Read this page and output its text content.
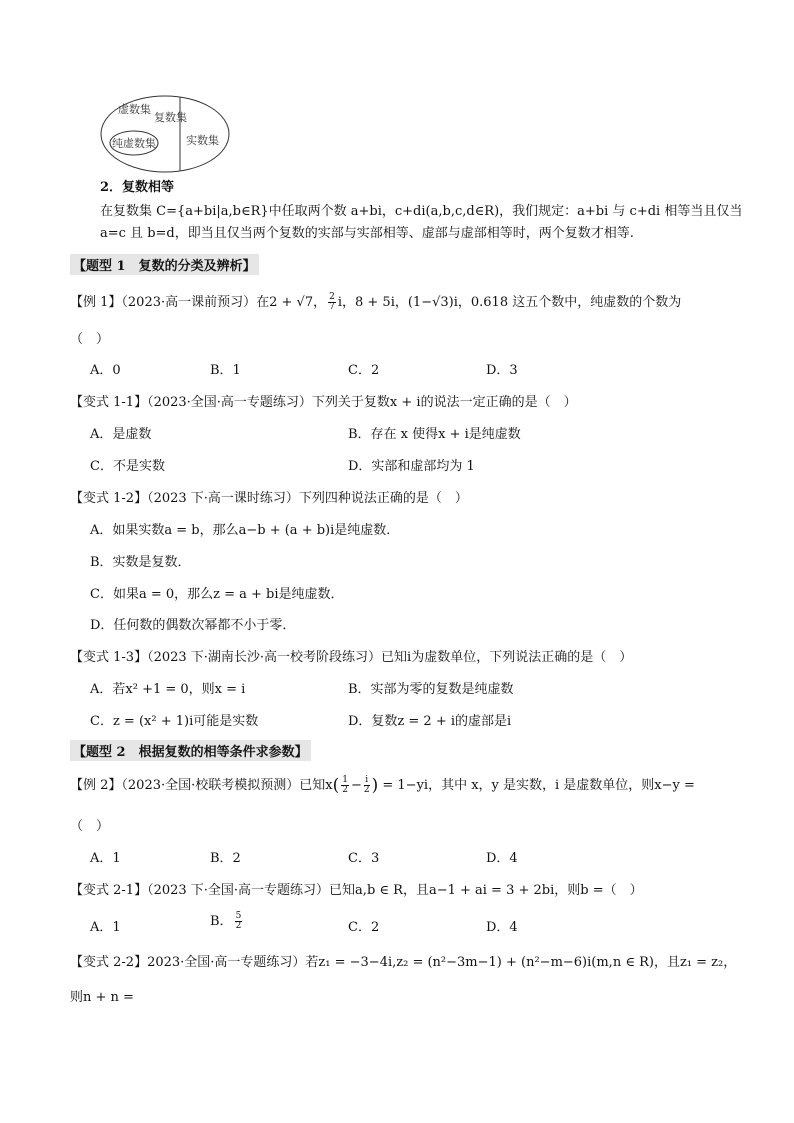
虚数集
复数集
纯虚数集	实数集
2．复数相等
在复数集 C={a+bi|a,b∈R}中任取两个数 a+bi，c+di(a,b,c,d∈R)，我们规定：a+bi 与 c+di 相等当且仅当
a=c 且 b=d，即当且仅当两个复数的实部与实部相等、虚部与虚部相等时，两个复数才相等.
【题型 1　复数的分类及辨析】
【例 1】（2023·高一课前预习）在2 + √7， $\frac{2}{7}$ i，8 + 5i，(1−√3)i，0.618 这五个数中，纯虚数的个数为
（　）
A．0	B．1	C．2	D．3
【变式 1-1】（2023·全国·高一专题练习）下列关于复数x + i的说法一定正确的是（　）
A．是虚数	B．存在 x 使得x + i是纯虚数
C．不是实数	D．实部和虚部均为 1
【变式 1-2】（2023 下·高一课时练习）下列四种说法正确的是（　）
A．如果实数a = b，那么a−b + (a + b)i是纯虚数．
B．实数是复数．
C．如果a = 0，那么z = a + bi是纯虚数．
D．任何数的偶数次幂都不小于零．
【变式 1-3】（2023 下·湖南长沙·高一校考阶段练习）已知i为虚数单位，下列说法正确的是（　）
A．若x² +1 = 0，则x = i	B．实部为零的复数是纯虚数
C．z = (x² + 1)i可能是实数	D．复数z = 2 + i的虚部是i
【题型 2　根据复数的相等条件求参数】
【例 2】（2023·全国·校联考模拟预测）已知$x( \frac{1}{2} - \frac{i}{2}$ ) = 1−yi，其中 x，y 是实数，i 是虚数单位，则x−y =
（　）
A．1	B．2	C．3	D．4
【变式 2-1】（2023 下·全国·高一专题练习）已知a,b ∈ R，且a−1 + ai = 3 + 2bi，则b =（　）
A．1	B． $\frac{5}{2}$	C．2	D．4
【变式 2-2】2023·全国·高一专题练习）若z₁ = −3−4i,z₂ = (n²−3m−1) + (n²−m−6)i(m,n ∈ R)，且z₁ = z₂，
则n + n =
